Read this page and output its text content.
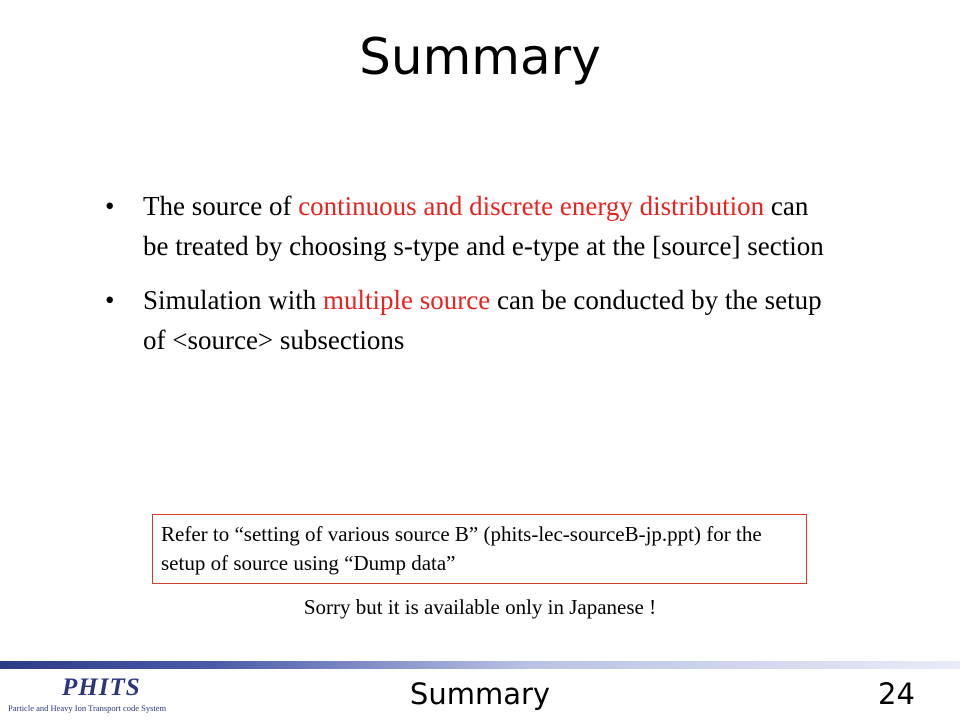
Summary
• The source of continuous and discrete energy distribution can be treated by choosing s-type and e-type at the [source] section
• Simulation with multiple source can be conducted by the setup of <source> subsections
Refer to “setting of various source B” (phits-lec-sourceB-jp.ppt) for the setup of source using “Dump data”
Sorry but it is available only in Japanese !
PHITS
Particle and Heavy Ion Transport code System	Summary	24
